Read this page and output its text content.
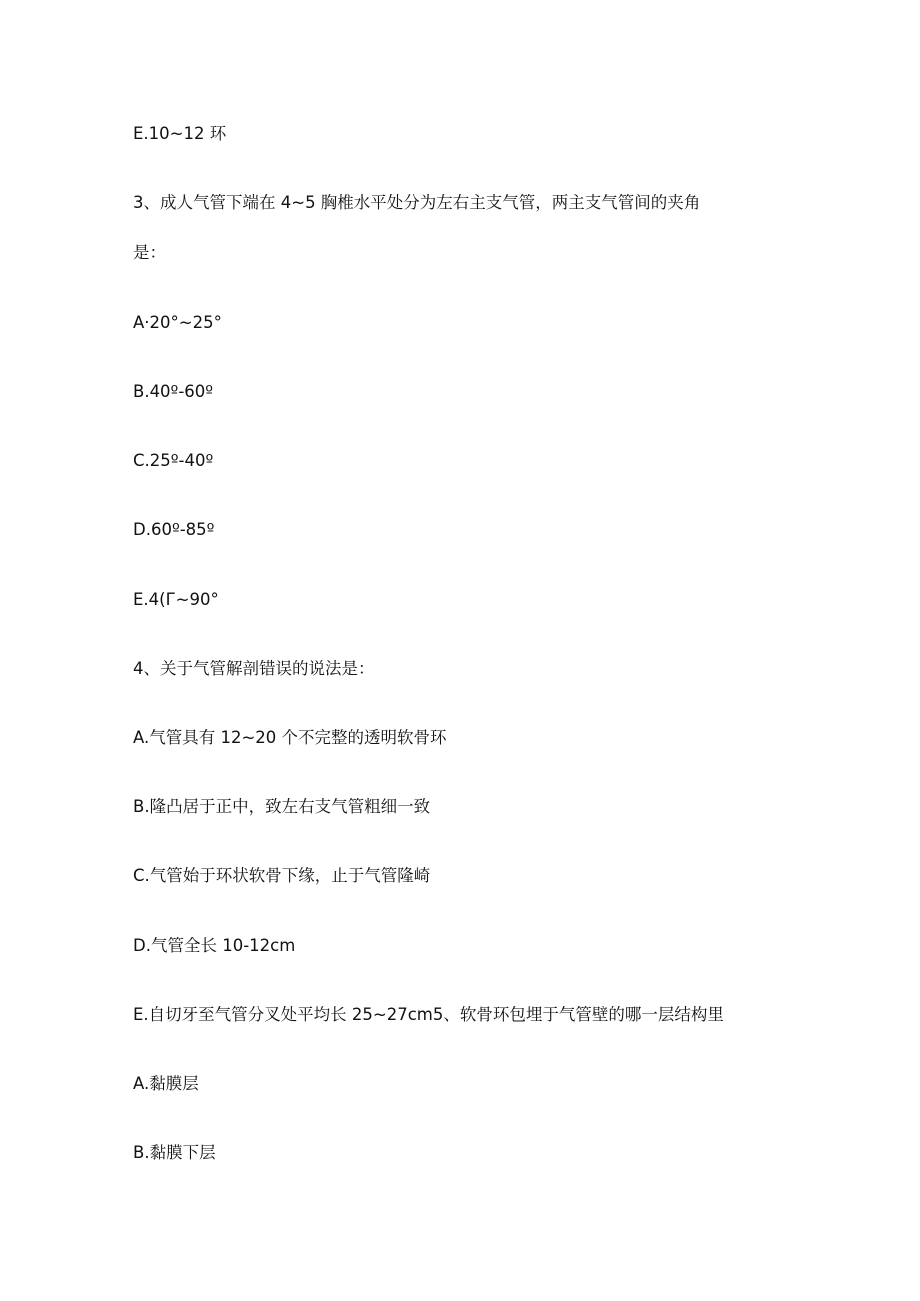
E.10~12 环

3、成人气管下端在 4~5 胸椎水平处分为左右主支气管，两主支气管间的夹角

是：

A·20°~25°

B.40º-60º

C.25º-40º

D.60º-85º

E.4(Г~90°

4、关于气管解剖错误的说法是：

A.气管具有 12~20 个不完整的透明软骨环

B.隆凸居于正中，致左右支气管粗细一致

C.气管始于环状软骨下缘，止于气管隆崎

D.气管全长 10-12cm

E.自切牙至气管分叉处平均长 25~27cm5、软骨环包埋于气管壁的哪一层结构里

A.黏膜层

B.黏膜下层
